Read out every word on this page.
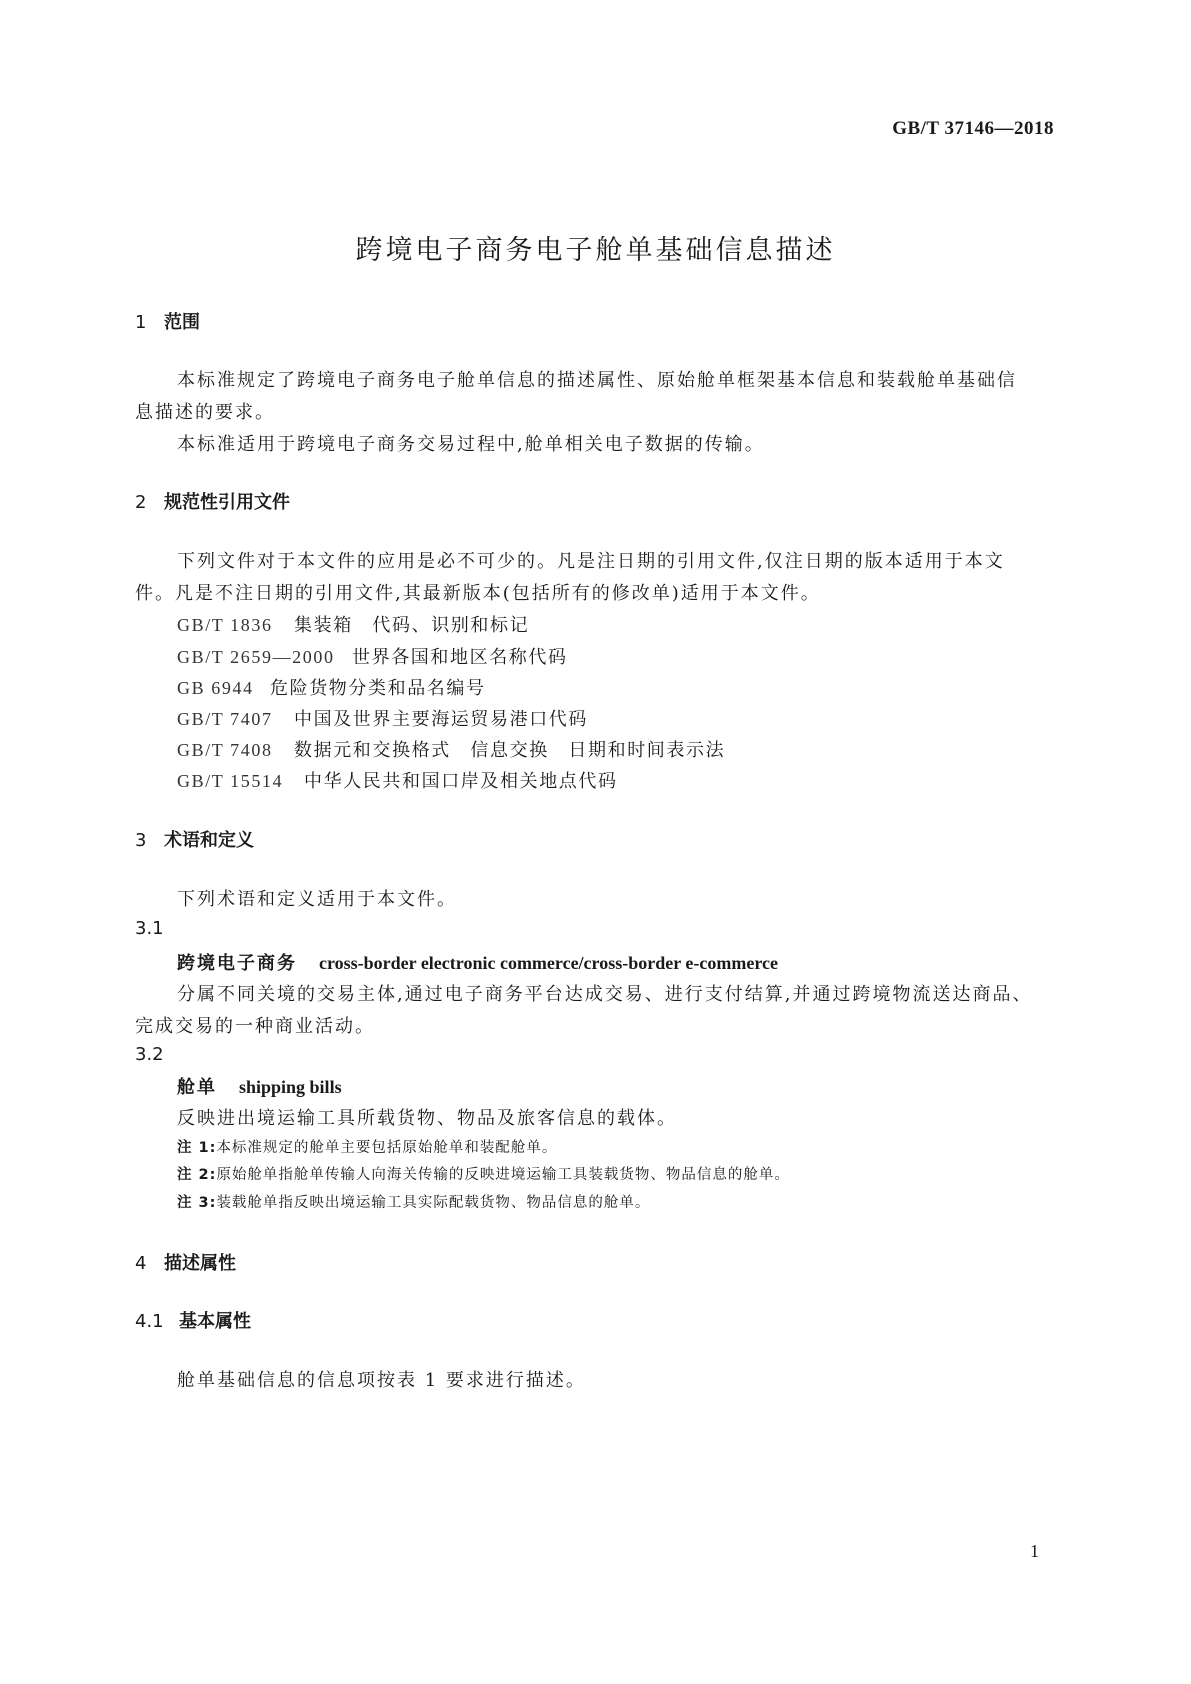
GB/T 37146—2018
跨境电子商务电子舱单基础信息描述
1 范围
本标准规定了跨境电子商务电子舱单信息的描述属性、原始舱单框架基本信息和装载舱单基础信
息描述的要求。
本标准适用于跨境电子商务交易过程中,舱单相关电子数据的传输。
2 规范性引用文件
下列文件对于本文件的应用是必不可少的。凡是注日期的引用文件,仅注日期的版本适用于本文
件。凡是不注日期的引用文件,其最新版本(包括所有的修改单)适用于本文件。
GB/T 1836 集装箱　代码、识别和标记
GB/T 2659—2000 世界各国和地区名称代码
GB 6944 危险货物分类和品名编号
GB/T 7407 中国及世界主要海运贸易港口代码
GB/T 7408 数据元和交换格式　信息交换　日期和时间表示法
GB/T 15514 中华人民共和国口岸及相关地点代码
3 术语和定义
下列术语和定义适用于本文件。
3.1
跨境电子商务 cross-border electronic commerce/cross-border e-commerce
分属不同关境的交易主体,通过电子商务平台达成交易、进行支付结算,并通过跨境物流送达商品、
完成交易的一种商业活动。
3.2
舱单 shipping bills
反映进出境运输工具所载货物、物品及旅客信息的载体。
注 1:本标准规定的舱单主要包括原始舱单和装配舱单。
注 2:原始舱单指舱单传输人向海关传输的反映进境运输工具装载货物、物品信息的舱单。
注 3:装载舱单指反映出境运输工具实际配载货物、物品信息的舱单。
4 描述属性
4.1 基本属性
舱单基础信息的信息项按表 1 要求进行描述。
1
